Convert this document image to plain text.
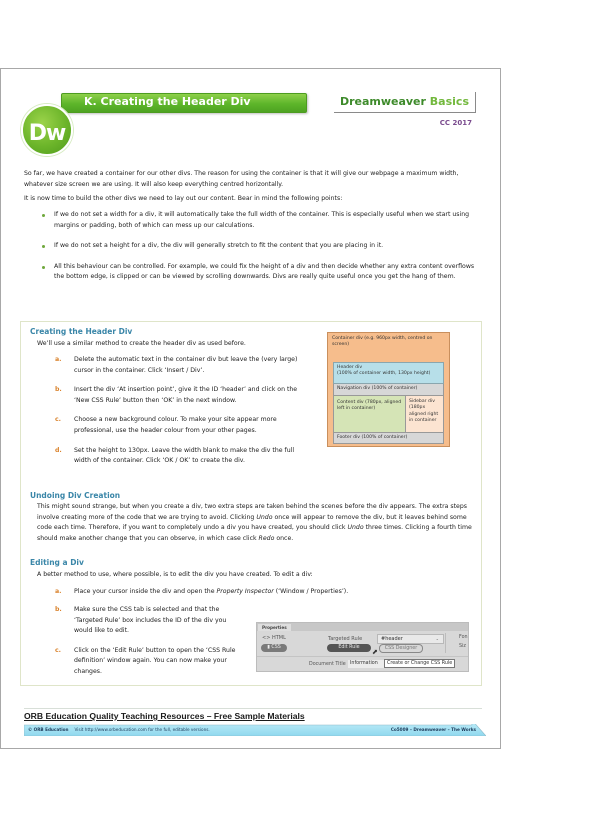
Dw
K. Creating the Header Div	Dreamweaver Basics
CC 2017
So far, we have created a container for our other divs. The reason for using the container is that it will give our webpage a maximum width, whatever size screen we are using. It will also keep everything centred horizontally.
It is now time to build the other divs we need to lay out our content. Bear in mind the following points:
If we do not set a width for a div, it will automatically take the full width of the container. This is especially useful when we start using margins or padding, both of which can mess up our calculations.
If we do not set a height for a div, the div will generally stretch to fit the content that you are placing in it.
All this behaviour can be controlled. For example, we could fix the height of a div and then decide whether any extra content overflows the bottom edge, is clipped or can be viewed by scrolling downwards. Divs are really quite useful once you get the hang of them.
Creating the Header Div
We’ll use a similar method to create the header div as used before.
a. Delete the automatic text in the container div but leave the (very large) cursor in the container. Click ‘Insert / Div’.
b. Insert the div ‘At insertion point’, give it the ID ‘header’ and click on the ‘New CSS Rule’ button then ‘OK’ in the next window.
c. Choose a new background colour. To make your site appear more professional, use the header colour from your other pages.
d. Set the height to 130px. Leave the width blank to make the div the full width of the container. Click ‘OK / OK’ to create the div.
Container div (e.g. 960px width, centred on screen)
Header div
(100% of container width, 130px height)
Navigation div (100% of container)
Content div (780px, aligned left in container)
Sidebar div (180px aligned right in container
Footer div (100% of container)
Undoing Div Creation
This might sound strange, but when you create a div, two extra steps are taken behind the scenes before the div appears. The extra steps involve creating more of the code that we are trying to avoid. Clicking Undo once will appear to remove the div, but it leaves behind some code each time. Therefore, if you want to completely undo a div you have created, you should click Undo three times. Clicking a fourth time should make another change that you can observe, in which case click Redo once.
Editing a Div
A better method to use, where possible, is to edit the div you have created. To edit a div:
a. Place your cursor inside the div and open the Property Inspector (‘Window / Properties’).
b. Make sure the CSS tab is selected and that the ‘Targeted Rule’ box includes the ID of the div you would like to edit.
c. Click on the ‘Edit Rule’ button to open the ‘CSS Rule definition’ window again. You can now make your changes.
Properties
<> HTML
▮ CSS
Targeted Rule	#header	⌄	Fon
Siz
Edit Rule	CSS Designer
Document Title Information	Create or Change CSS Rule
⬈
ORB Education Quality Teaching Resources – Free Sample Materials
© ORB Education Visit http://www.orbeducation.com for the full, editable versions.	Co5009 – Dreamweaver – The Works
